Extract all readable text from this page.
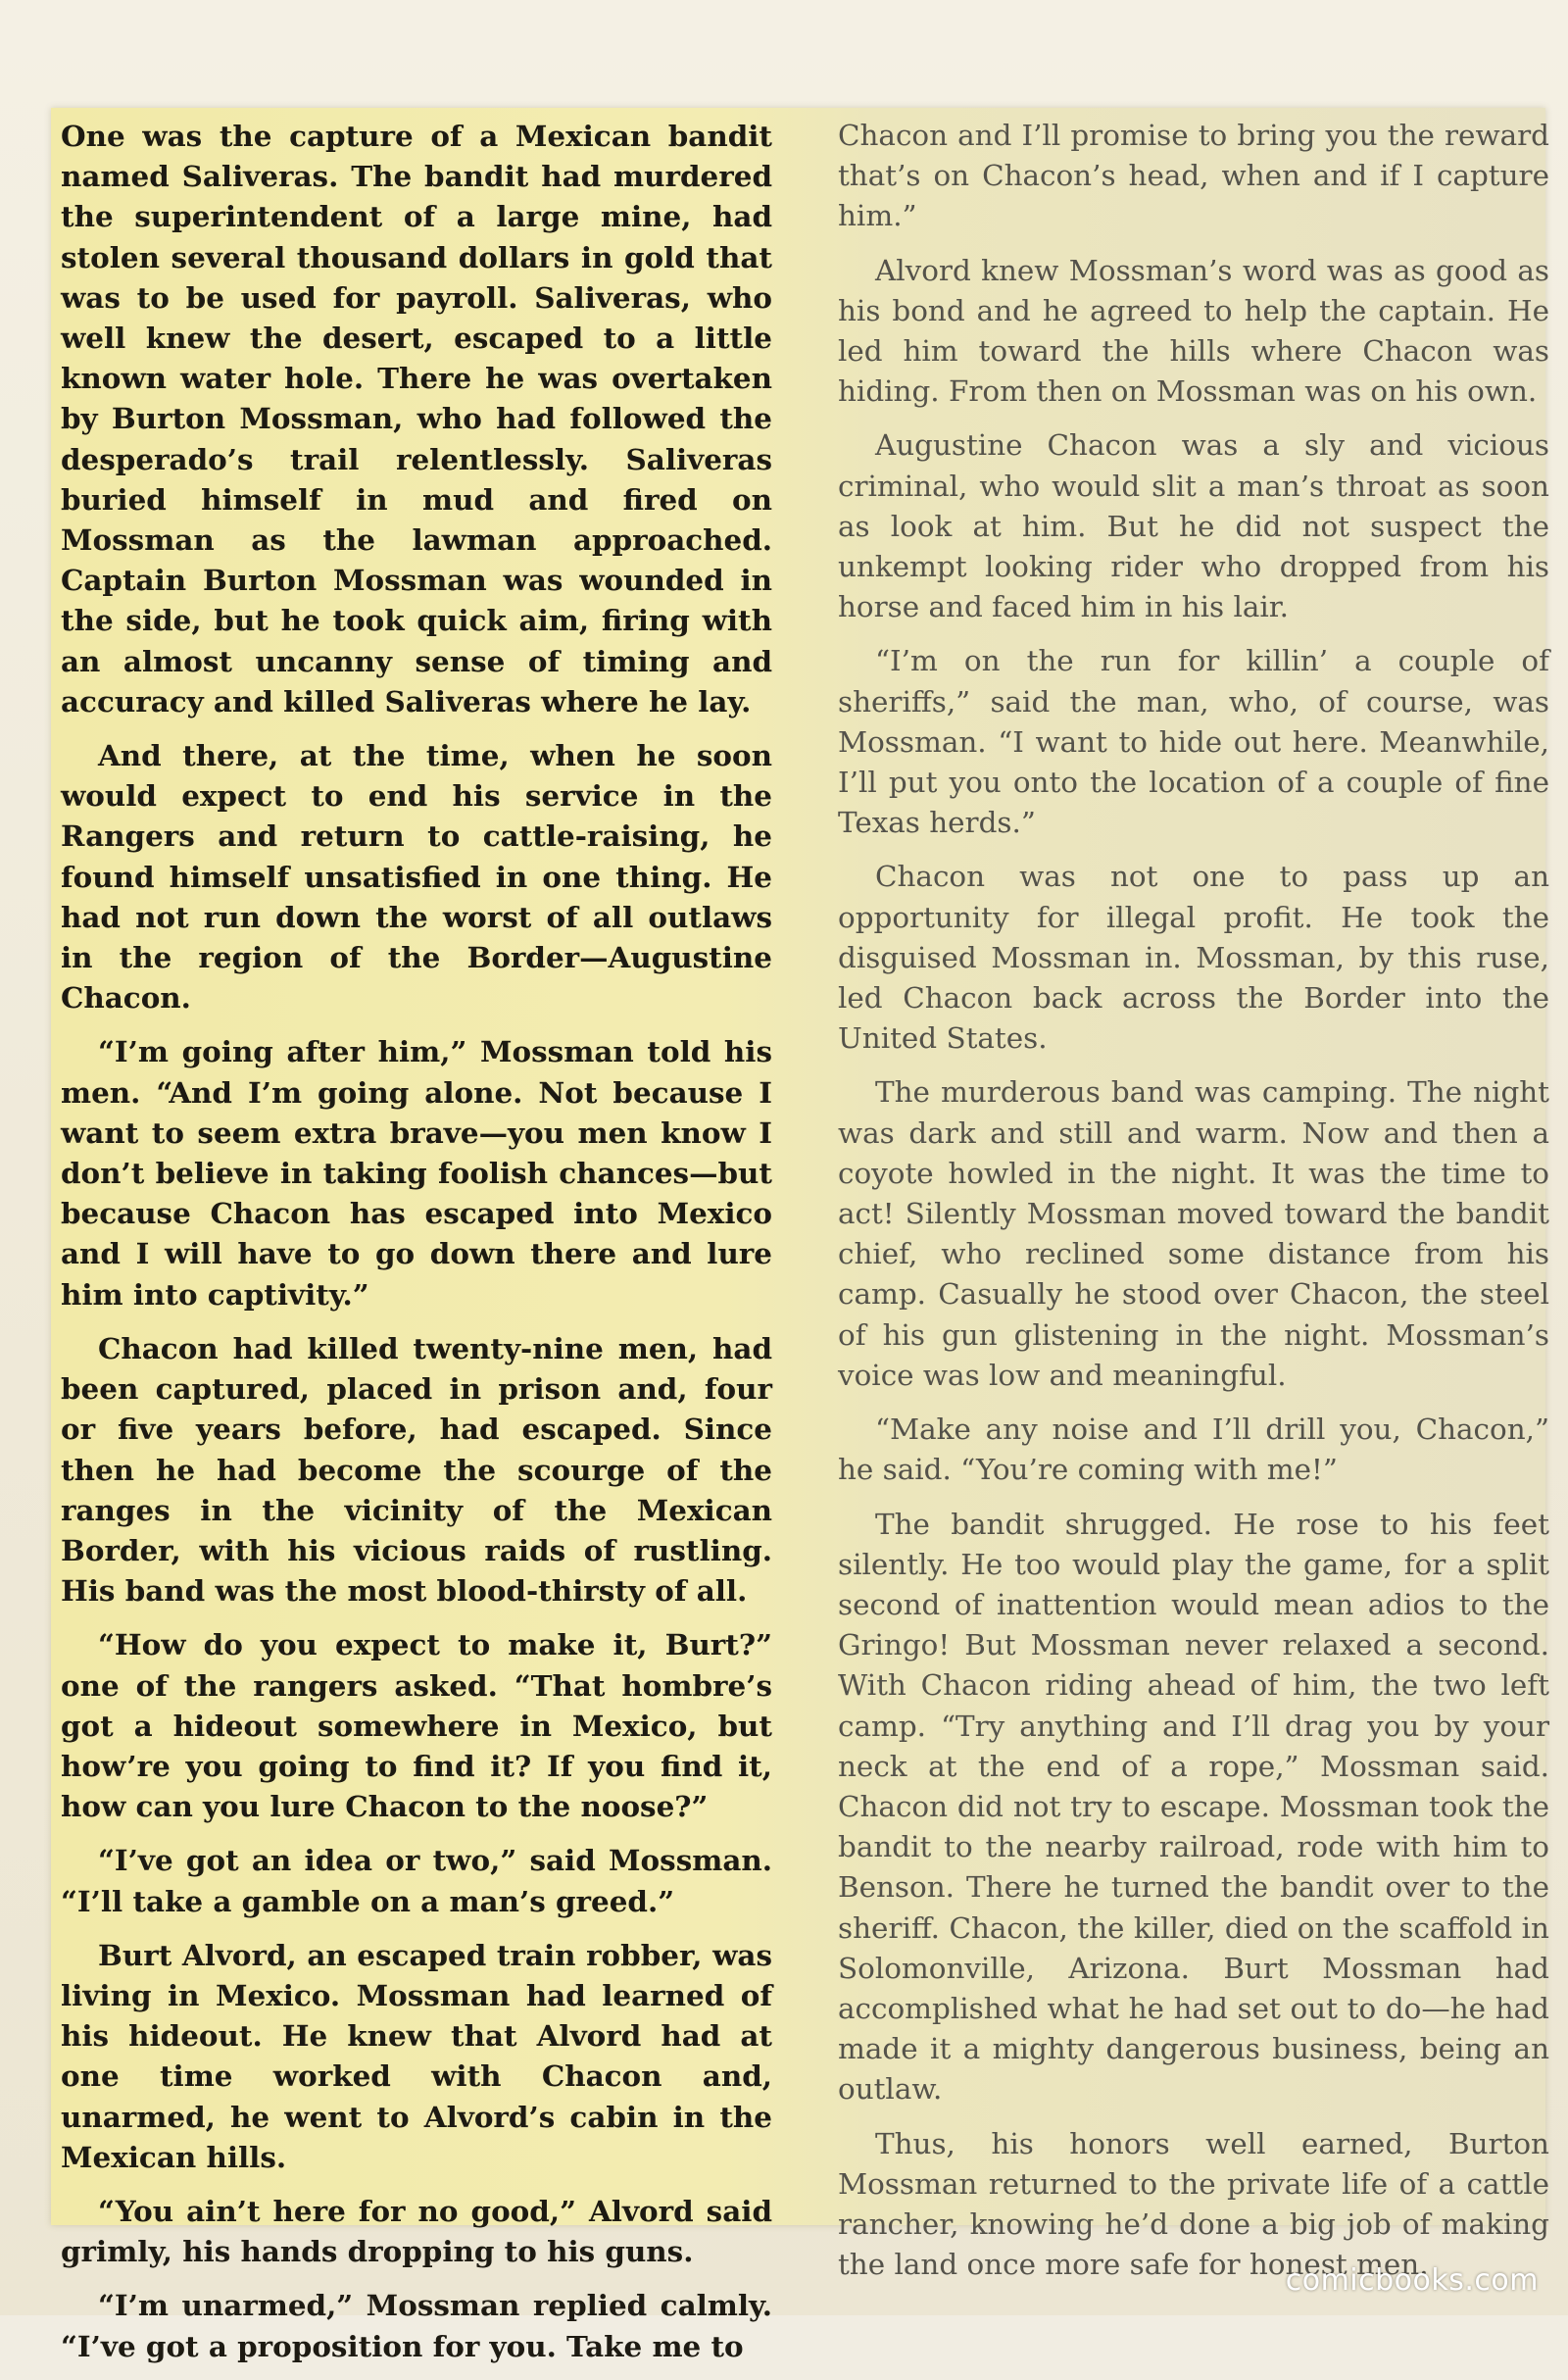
One was the capture of a Mexican bandit named Saliveras. The bandit had murdered the superintendent of a large mine, had stolen several thousand dollars in gold that was to be used for payroll. Saliveras, who well knew the desert, escaped to a little known water hole. There he was overtaken by Burton Mossman, who had followed the desperado’s trail relentlessly. Saliveras buried himself in mud and fired on Mossman as the lawman approached. Captain Burton Mossman was wounded in the side, but he took quick aim, firing with an almost uncanny sense of timing and accuracy and killed Saliveras where he lay.

And there, at the time, when he soon would expect to end his service in the Rangers and return to cattle-raising, he found himself unsatisfied in one thing. He had not run down the worst of all outlaws in the region of the Border—Augustine Chacon.

“I’m going after him,” Mossman told his men. “And I’m going alone. Not because I want to seem extra brave—you men know I don’t believe in taking foolish chances—but because Chacon has escaped into Mexico and I will have to go down there and lure him into captivity.”

Chacon had killed twenty-nine men, had been captured, placed in prison and, four or five years before, had escaped. Since then he had become the scourge of the ranges in the vicinity of the Mexican Border, with his vicious raids of rustling. His band was the most blood-thirsty of all.

“How do you expect to make it, Burt?” one of the rangers asked. “That hombre’s got a hideout somewhere in Mexico, but how’re you going to find it? If you find it, how can you lure Chacon to the noose?”

“I’ve got an idea or two,” said Mossman. “I’ll take a gamble on a man’s greed.”

Burt Alvord, an escaped train robber, was living in Mexico. Mossman had learned of his hideout. He knew that Alvord had at one time worked with Chacon and, unarmed, he went to Alvord’s cabin in the Mexican hills.

“You ain’t here for no good,” Alvord said grimly, his hands dropping to his guns.

“I’m unarmed,” Mossman replied calmly. “I’ve got a proposition for you. Take me to

Chacon and I’ll promise to bring you the reward that’s on Chacon’s head, when and if I capture him.”

Alvord knew Mossman’s word was as good as his bond and he agreed to help the captain. He led him toward the hills where Chacon was hiding. From then on Mossman was on his own.

Augustine Chacon was a sly and vicious criminal, who would slit a man’s throat as soon as look at him. But he did not suspect the unkempt looking rider who dropped from his horse and faced him in his lair.

“I’m on the run for killin’ a couple of sheriffs,” said the man, who, of course, was Mossman. “I want to hide out here. Meanwhile, I’ll put you onto the location of a couple of fine Texas herds.”

Chacon was not one to pass up an opportunity for illegal profit. He took the disguised Mossman in. Mossman, by this ruse, led Chacon back across the Border into the United States.

The murderous band was camping. The night was dark and still and warm. Now and then a coyote howled in the night. It was the time to act! Silently Mossman moved toward the bandit chief, who reclined some distance from his camp. Casually he stood over Chacon, the steel of his gun glistening in the night. Mossman’s voice was low and meaningful.

“Make any noise and I’ll drill you, Chacon,” he said. “You’re coming with me!”

The bandit shrugged. He rose to his feet silently. He too would play the game, for a split second of inattention would mean adios to the Gringo! But Mossman never relaxed a second. With Chacon riding ahead of him, the two left camp. “Try anything and I’ll drag you by your neck at the end of a rope,” Mossman said. Chacon did not try to escape. Mossman took the bandit to the nearby railroad, rode with him to Benson. There he turned the bandit over to the sheriff. Chacon, the killer, died on the scaffold in Solomonville, Arizona. Burt Mossman had accomplished what he had set out to do—he had made it a mighty dangerous business, being an outlaw.

Thus, his honors well earned, Burton Mossman returned to the private life of a cattle rancher, knowing he’d done a big job of making the land once more safe for honest men.

comicbooks.com
